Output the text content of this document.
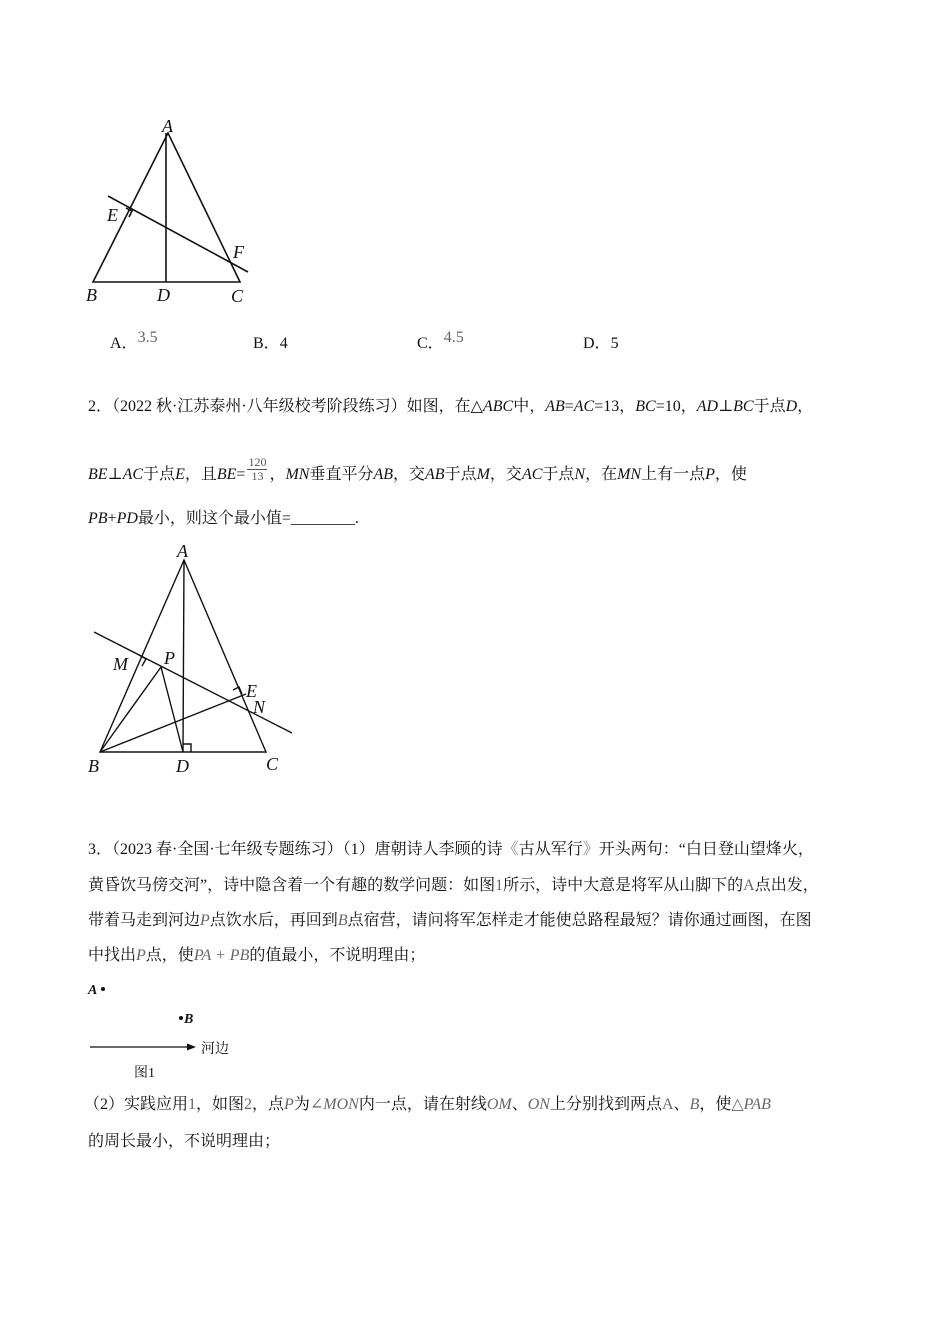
A
E
F
B	D	C
A．3.5	B．4	C．4.5	D．5
2．（2022 秋·江苏泰州·八年级校考阶段练习）如图，在△ABC中，AB=AC=13，BC=10，AD⊥BC于点D，
BE⊥AC于点E，且$BE= \frac{120}{13}$ ，MN垂直平分AB，交AB于点M，交AC于点N，在MN上有一点P，使
PB+PD最小，则这个最小值=________.
A
M P
E
N
B	D	C
3．（2023 春·全国·七年级专题练习）（1）唐朝诗人李顾的诗《古从军行》开头两句：“白日登山望烽火，
黄昏饮马傍交河”，诗中隐含着一个有趣的数学问题：如图1所示，诗中大意是将军从山脚下的A点出发，
带着马走到河边P点饮水后，再回到B点宿营，请问将军怎样走才能使总路程最短？请你通过画图，在图
中找出P点，使PA + PB的值最小，不说明理由；
A
B
河边
图1
（2）实践应用1，如图2，点P为∠MON内一点，请在射线OM、ON上分别找到两点A、B，使△PAB
的周长最小，不说明理由；
